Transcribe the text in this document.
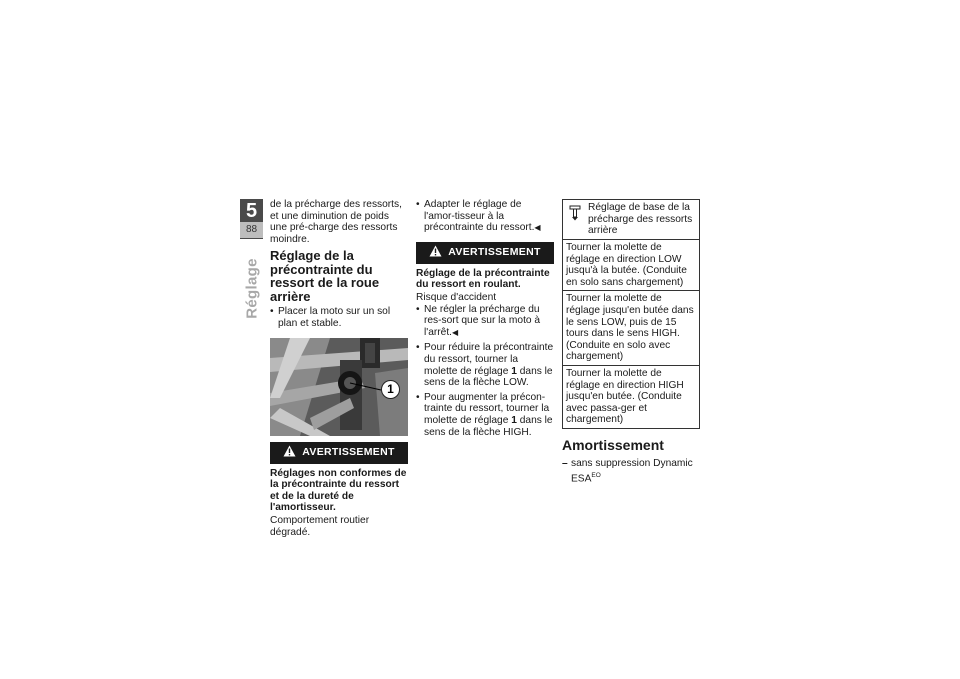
5
88
Réglage
de la précharge des ressorts, et une diminution de poids une pré-charge des ressorts moindre.
Réglage de la précontrainte du ressort de la roue arrière
• Placer la moto sur un sol plan et stable.
1
AVERTISSEMENT
Réglages non conformes de la précontrainte du ressort et de la dureté de l'amortisseur.
Comportement routier dégradé.
• Adapter le réglage de l'amor-tisseur à la précontrainte du ressort.◀
AVERTISSEMENT
Réglage de la précontrainte du ressort en roulant.
Risque d'accident
• Ne régler la précharge du res-sort que sur la moto à l'arrêt.◀
• Pour réduire la précontrainte du ressort, tourner la molette de réglage 1 dans le sens de la flèche LOW.
• Pour augmenter la précon-trainte du ressort, tourner la molette de réglage 1 dans le sens de la flèche HIGH.
Réglage de base de la précharge des ressorts arrière
Tourner la molette de réglage en direction LOW jusqu'à la butée. (Conduite en solo sans chargement)
Tourner la molette de réglage jusqu'en butée dans le sens LOW, puis de 15 tours dans le sens HIGH. (Conduite en solo avec chargement)
Tourner la molette de réglage en direction HIGH jusqu'en butée. (Conduite avec passa-ger et chargement)
Amortissement
– sans suppression Dynamic $ESA^{EO}$
